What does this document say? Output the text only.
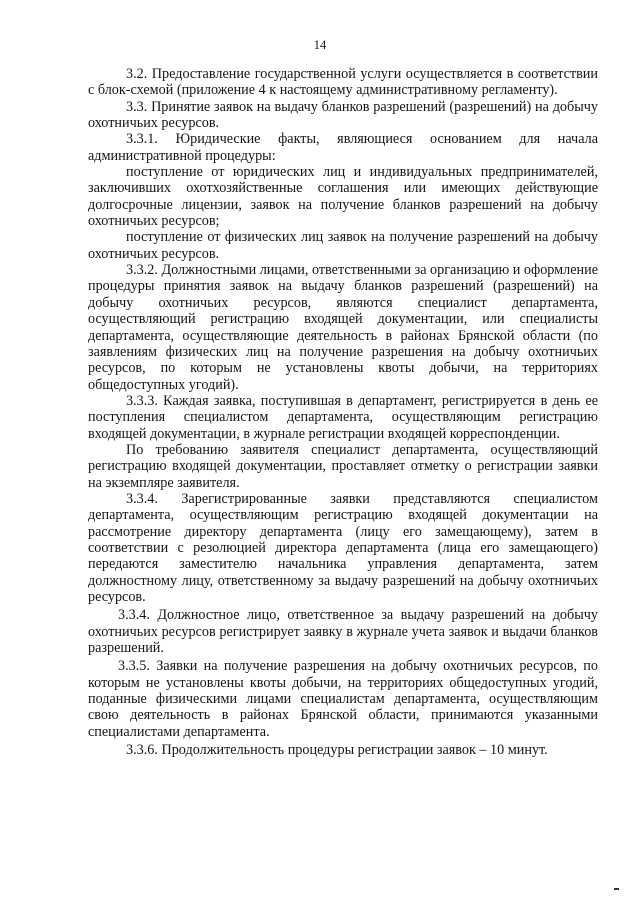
14

3.2. Предоставление государственной услуги осуществляется в соответствии с блок-схемой (приложение 4 к настоящему административному регламенту).

3.3. Принятие заявок на выдачу бланков разрешений (разрешений) на добычу охотничьих ресурсов.

3.3.1. Юридические факты, являющиеся основанием для начала административной процедуры:

поступление от юридических лиц и индивидуальных предпринимателей, заключивших охотхозяйственные соглашения или имеющих действующие долгосрочные лицензии, заявок на получение бланков разрешений на добычу охотничьих ресурсов;

поступление от физических лиц заявок на получение разрешений на добычу охотничьих ресурсов.

3.3.2. Должностными лицами, ответственными за организацию и оформление процедуры принятия заявок на выдачу бланков разрешений (разрешений) на добычу охотничьих ресурсов, являются специалист департамента, осуществляющий регистрацию входящей документации, или специалисты департамента, осуществляющие деятельность в районах Брянской области (по заявлениям физических лиц на получение разрешения на добычу охотничьих ресурсов, по которым не установлены квоты добычи, на территориях общедоступных угодий).

3.3.3. Каждая заявка, поступившая в департамент, регистрируется в день ее поступления специалистом департамента, осуществляющим регистрацию входящей документации, в журнале регистрации входящей корреспонденции.

По требованию заявителя специалист департамента, осуществляющий регистрацию входящей документации, проставляет отметку о регистрации заявки на экземпляре заявителя.

3.3.4. Зарегистрированные заявки представляются специалистом департамента, осуществляющим регистрацию входящей документации на рассмотрение директору департамента (лицу его замещающему), затем в соответствии с резолюцией директора департамента (лица его замещающего) передаются заместителю начальника управления департамента, затем должностному лицу, ответственному за выдачу разрешений на добычу охотничьих ресурсов.

3.3.4. Должностное лицо, ответственное за выдачу разрешений на добычу охотничьих ресурсов регистрирует заявку в журнале учета заявок и выдачи бланков разрешений.

3.3.5. Заявки на получение разрешения на добычу охотничьих ресурсов, по которым не установлены квоты добычи, на территориях общедоступных угодий, поданные физическими лицами специалистам департамента, осуществляющим свою деятельность в районах Брянской области, принимаются указанными специалистами департамента.

3.3.6. Продолжительность процедуры регистрации заявок – 10 минут.
